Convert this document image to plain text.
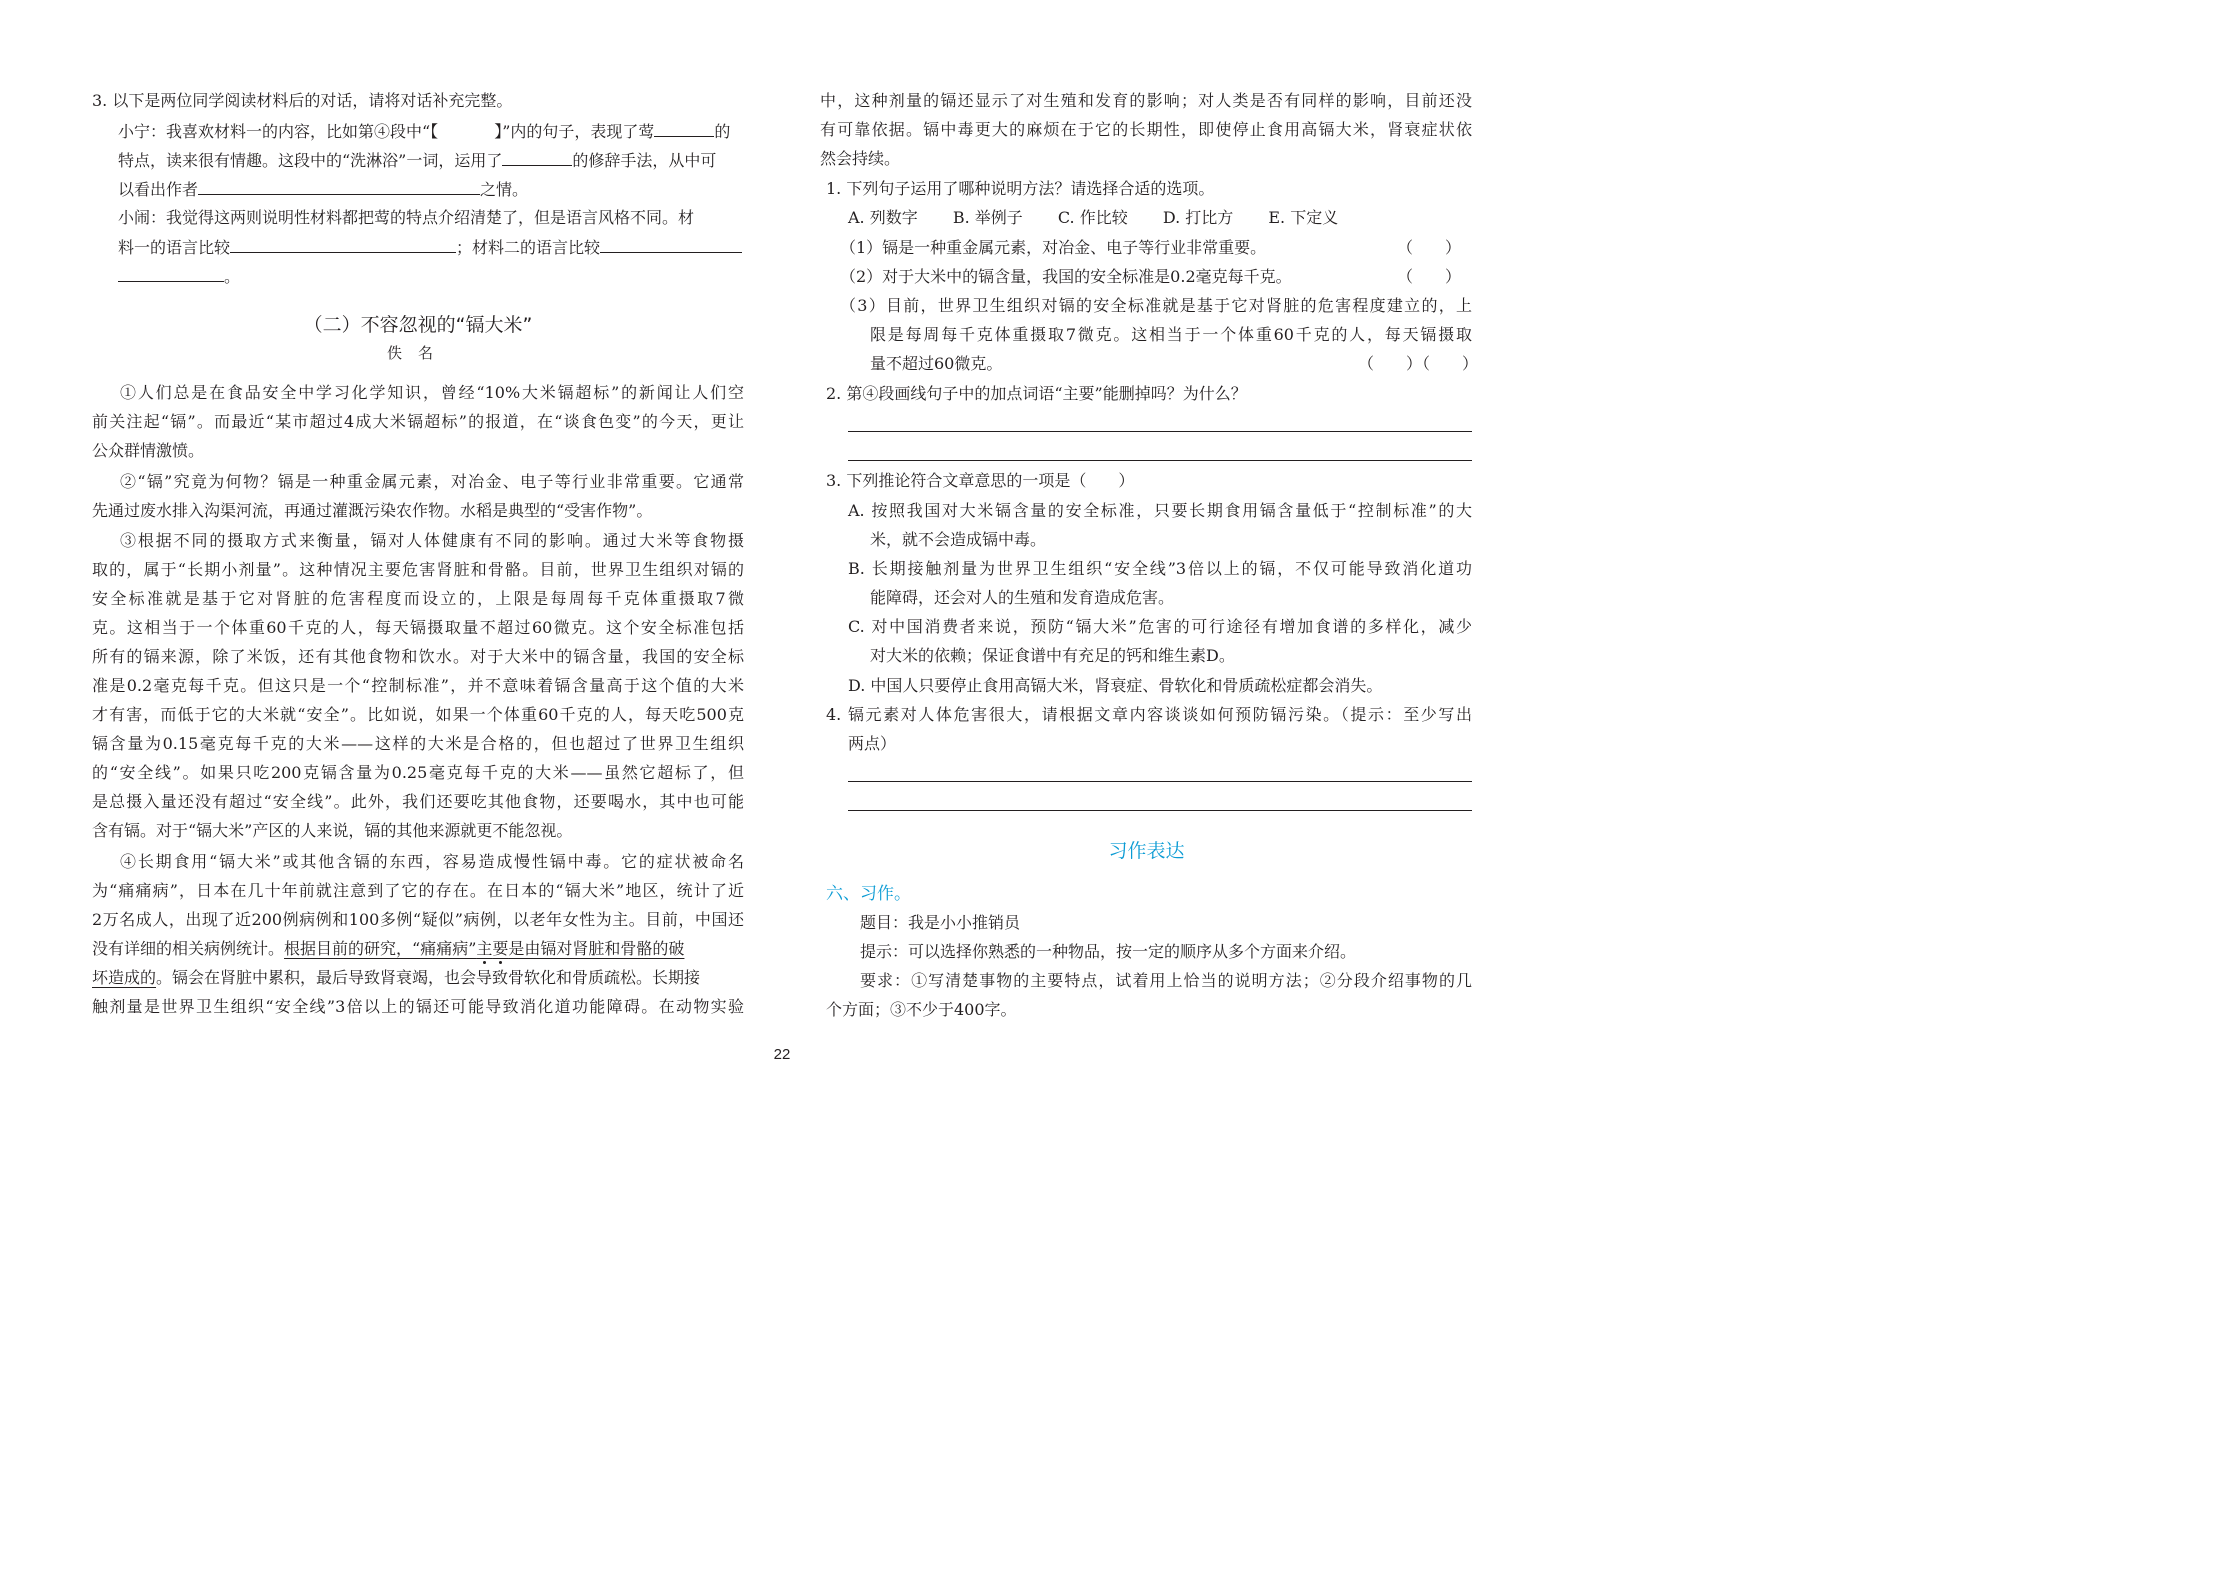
3. 以下是两位同学阅读材料后的对话，请将对话补充完整。
小宁：我喜欢材料一的内容，比如第④段中“【	】”内的句子，表现了莺	的
特点，读来很有情趣。这段中的“洗淋浴”一词，运用了	的修辞手法，从中可
以看出作者	之情。
小闹：我觉得这两则说明性材料都把莺的特点介绍清楚了，但是语言风格不同。材
料一的语言比较	；材料二的语言比较
。
（二）不容忽视的“镉大米”
佚名
①人们总是在食品安全中学习化学知识，曾经“10%大米镉超标”的新闻让人们空
前关注起“镉”。而最近“某市超过4成大米镉超标”的报道，在“谈食色变”的今天，更让
公众群情激愤。
②“镉”究竟为何物？镉是一种重金属元素，对冶金、电子等行业非常重要。它通常
先通过废水排入沟渠河流，再通过灌溉污染农作物。水稻是典型的“受害作物”。
③根据不同的摄取方式来衡量，镉对人体健康有不同的影响。通过大米等食物摄
取的，属于“长期小剂量”。这种情况主要危害肾脏和骨骼。目前，世界卫生组织对镉的
安全标准就是基于它对肾脏的危害程度而设立的，上限是每周每千克体重摄取7微
克。这相当于一个体重60千克的人，每天镉摄取量不超过60微克。这个安全标准包括
所有的镉来源，除了米饭，还有其他食物和饮水。对于大米中的镉含量，我国的安全标
准是0.2毫克每千克。但这只是一个“控制标准”，并不意味着镉含量高于这个值的大米
才有害，而低于它的大米就“安全”。比如说，如果一个体重60千克的人，每天吃500克
镉含量为0.15毫克每千克的大米——这样的大米是合格的，但也超过了世界卫生组织
的“安全线”。如果只吃200克镉含量为0.25毫克每千克的大米——虽然它超标了，但
是总摄入量还没有超过“安全线”。此外，我们还要吃其他食物，还要喝水，其中也可能
含有镉。对于“镉大米”产区的人来说，镉的其他来源就更不能忽视。
④长期食用“镉大米”或其他含镉的东西，容易造成慢性镉中毒。它的症状被命名
为“痛痛病”，日本在几十年前就注意到了它的存在。在日本的“镉大米”地区，统计了近
2万名成人，出现了近200例病例和100多例“疑似”病例，以老年女性为主。目前，中国还
没有详细的相关病例统计。根据目前的研究，“痛痛病”主要是由镉对肾脏和骨骼的破
坏造成的。镉会在肾脏中累积，最后导致肾衰竭，也会导致骨软化和骨质疏松。长期接
触剂量是世界卫生组织“安全线”3倍以上的镉还可能导致消化道功能障碍。在动物实验
中，这种剂量的镉还显示了对生殖和发育的影响；对人类是否有同样的影响，目前还没
有可靠依据。镉中毒更大的麻烦在于它的长期性，即使停止食用高镉大米，肾衰症状依
然会持续。
1. 下列句子运用了哪种说明方法？请选择合适的选项。
A. 列数字 B. 举例子 C. 作比较 D. 打比方 E. 下定义
（1）镉是一种重金属元素，对冶金、电子等行业非常重要。	（　　）
（2）对于大米中的镉含量，我国的安全标准是0.2毫克每千克。	（　　）
（3）目前，世界卫生组织对镉的安全标准就是基于它对肾脏的危害程度建立的，上
限是每周每千克体重摄取7微克。这相当于一个体重60千克的人，每天镉摄取
量不超过60微克。	（　　）（　　）
2. 第④段画线句子中的加点词语“主要”能删掉吗？为什么？
3. 下列推论符合文章意思的一项是（　　）
A. 按照我国对大米镉含量的安全标准，只要长期食用镉含量低于“控制标准”的大
米，就不会造成镉中毒。
B. 长期接触剂量为世界卫生组织“安全线”3倍以上的镉，不仅可能导致消化道功
能障碍，还会对人的生殖和发育造成危害。
C. 对中国消费者来说，预防“镉大米”危害的可行途径有增加食谱的多样化，减少
对大米的依赖；保证食谱中有充足的钙和维生素D。
D. 中国人只要停止食用高镉大米，肾衰症、骨软化和骨质疏松症都会消失。
4. 镉元素对人体危害很大，请根据文章内容谈谈如何预防镉污染。（提示：至少写出
两点）
习作表达
六、习作。
题目：我是小小推销员
提示：可以选择你熟悉的一种物品，按一定的顺序从多个方面来介绍。
要求：①写清楚事物的主要特点，试着用上恰当的说明方法；②分段介绍事物的几
个方面；③不少于400字。
22
